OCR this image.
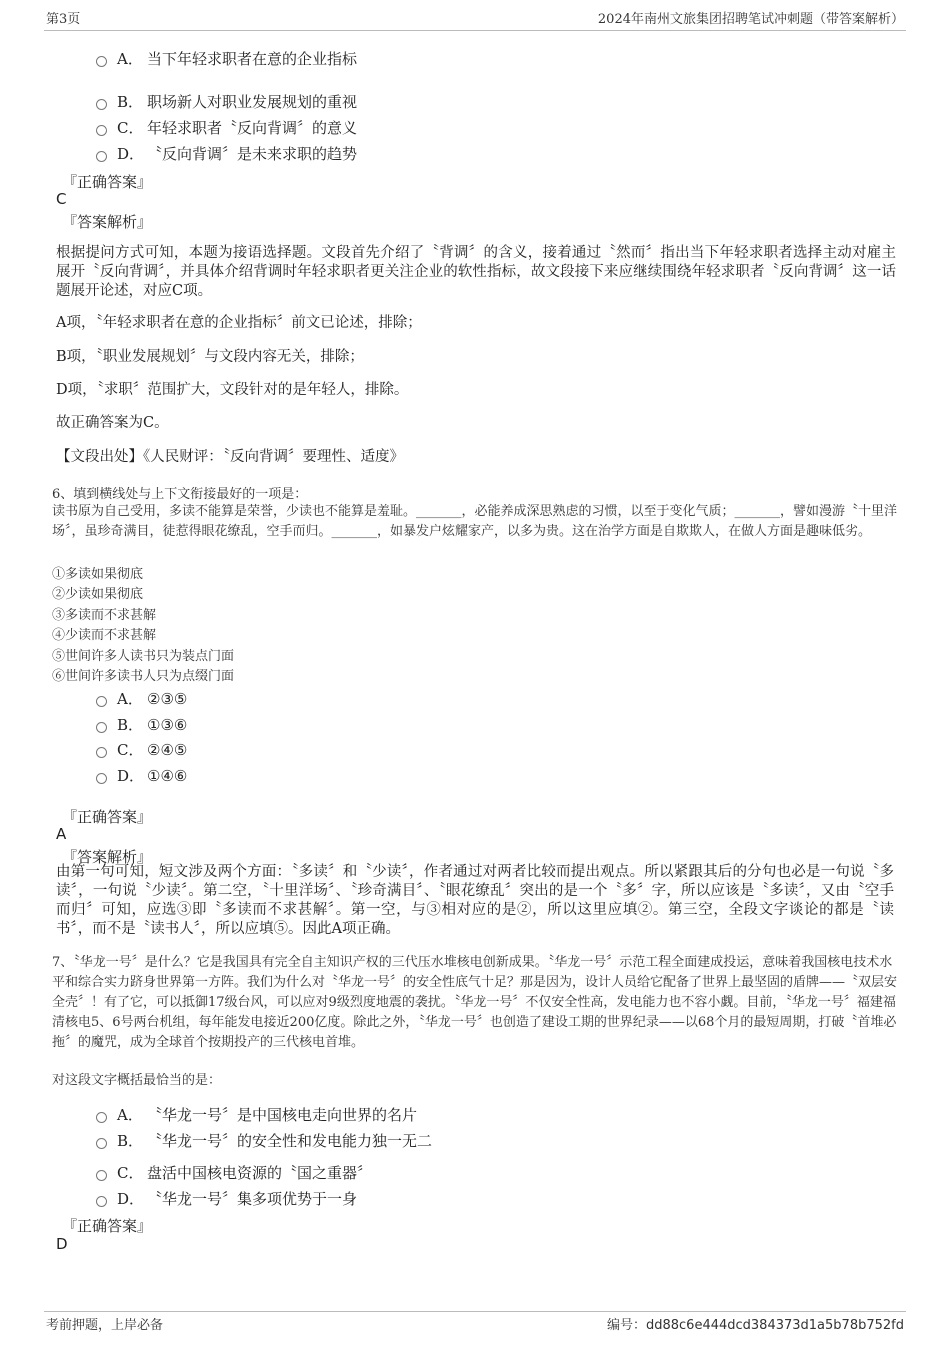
第3页	2024年南州文旅集团招聘笔试冲刺题（带答案解析）
A． 当下年轻求职者在意的企业指标
B． 职场新人对职业发展规划的重视
C． 年轻求职者〝反向背调〞的意义
D． 〝反向背调〞是未来求职的趋势
『正确答案』
C
『答案解析』
根据提问方式可知，本题为接语选择题。文段首先介绍了〝背调〞的含义，接着通过〝然而〞指出当下年轻求职者选择主动对雇主展开〝反向背调〞，并具体介绍背调时年轻求职者更关注企业的软性指标，故文段接下来应继续围绕年轻求职者〝反向背调〞这一话题展开论述，对应C项。
A项，〝年轻求职者在意的企业指标〞前文已论述，排除；
B项，〝职业发展规划〞与文段内容无关，排除；
D项，〝求职〞范围扩大，文段针对的是年轻人，排除。
故正确答案为C。
【文段出处】《人民财评：〝反向背调〞要理性、适度》
6、填到横线处与上下文衔接最好的一项是：
读书原为自己受用，多读不能算是荣誉，少读也不能算是羞耻。_______，必能养成深思熟虑的习惯，以至于变化气质；_______，譬如漫游〝十里洋场〞，虽珍奇满目，徒惹得眼花缭乱，空手而归。_______，如暴发户炫耀家产，以多为贵。这在治学方面是自欺欺人，在做人方面是趣味低劣。
①多读如果彻底
②少读如果彻底
③多读而不求甚解
④少读而不求甚解
⑤世间许多人读书只为装点门面
⑥世间许多读书人只为点缀门面
A． ②③⑤
B． ①③⑥
C． ②④⑤
D． ①④⑥
『正确答案』
A
『答案解析』
由第一句可知，短文涉及两个方面：〝多读〞和〝少读〞，作者通过对两者比较而提出观点。所以紧跟其后的分句也必是一句说〝多读〞，一句说〝少读〞。第二空，〝十里洋场〞、〝珍奇满目〞、〝眼花缭乱〞突出的是一个〝多〞字，所以应该是〝多读〞，又由〝空手而归〞可知，应选③即〝多读而不求甚解〞。第一空，与③相对应的是②，所以这里应填②。第三空，全段文字谈论的都是〝读书〞，而不是〝读书人〞，所以应填⑤。因此A项正确。
7、〝华龙一号〞是什么？它是我国具有完全自主知识产权的三代压水堆核电创新成果。〝华龙一号〞示范工程全面建成投运，意味着我国核电技术水平和综合实力跻身世界第一方阵。我们为什么对〝华龙一号〞的安全性底气十足？那是因为，设计人员给它配备了世界上最坚固的盾牌——〝双层安全壳〞！有了它，可以抵御17级台风，可以应对9级烈度地震的袭扰。〝华龙一号〞不仅安全性高，发电能力也不容小觑。目前，〝华龙一号〞福建福清核电5、6号两台机组，每年能发电接近200亿度。除此之外，〝华龙一号〞也创造了建设工期的世界纪录——以68个月的最短周期，打破〝首堆必拖〞的魔咒，成为全球首个按期投产的三代核电首堆。
对这段文字概括最恰当的是：
A． 〝华龙一号〞是中国核电走向世界的名片
B． 〝华龙一号〞的安全性和发电能力独一无二
C． 盘活中国核电资源的〝国之重器〞
D． 〝华龙一号〞集多项优势于一身
『正确答案』
D
考前押题，上岸必备	编号：dd88c6e444dcd384373d1a5b78b752fd
